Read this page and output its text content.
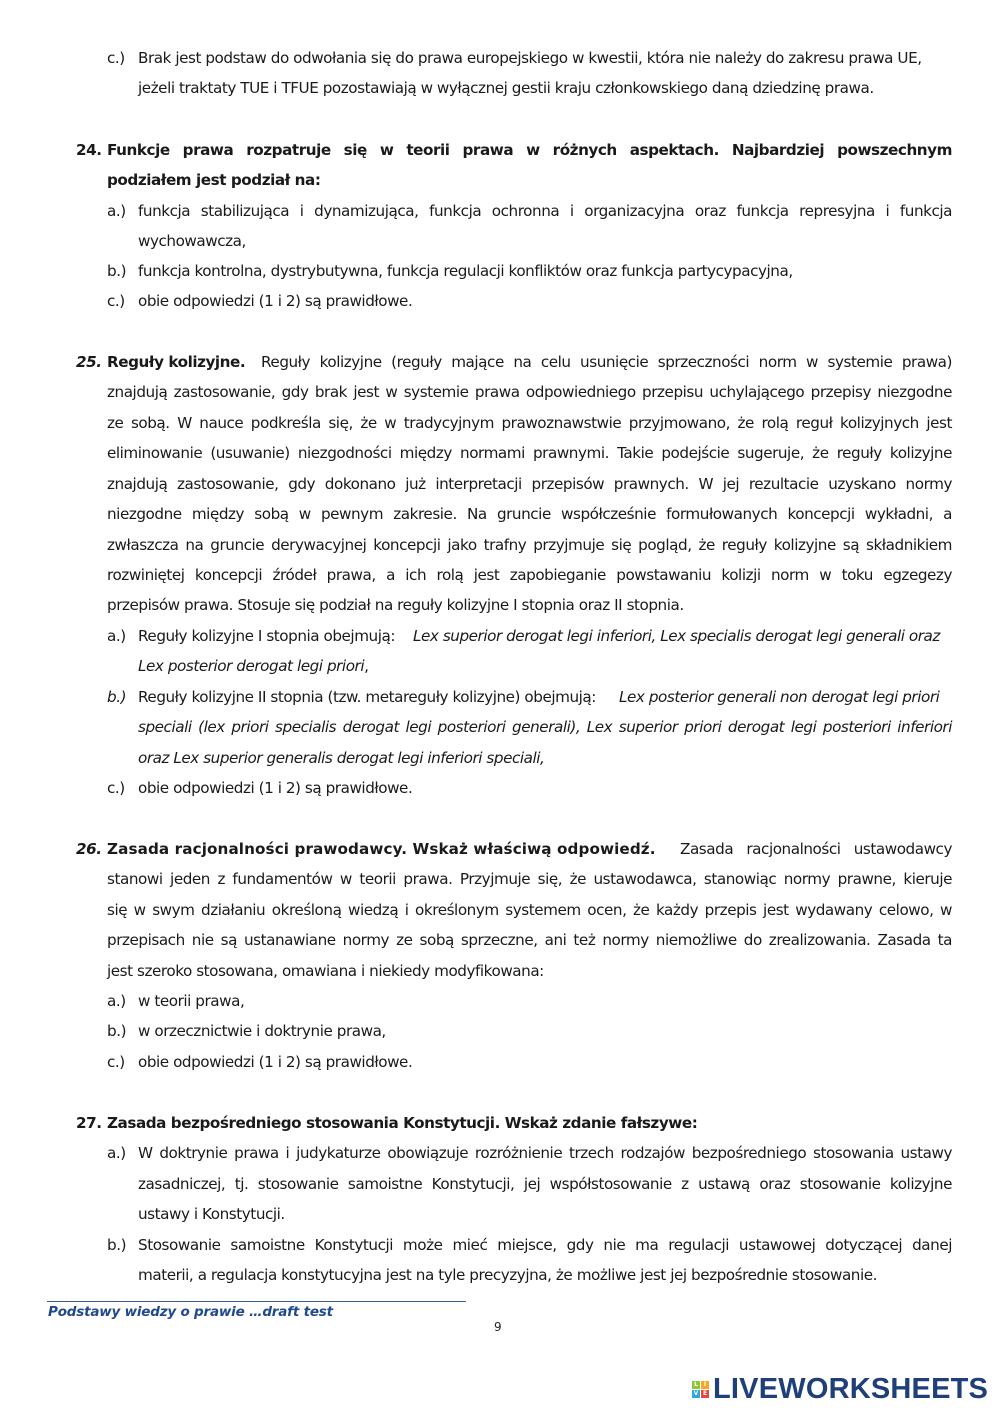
c.) Brak jest podstaw do odwołania się do prawa europejskiego w kwestii, która nie należy do zakresu prawa UE,
jeżeli traktaty TUE i TFUE pozostawiają w wyłącznej gestii kraju członkowskiego daną dziedzinę prawa.
24. Funkcje prawa rozpatruje się w teorii prawa w różnych aspektach. Najbardziej powszechnym
podziałem jest podział na:
a.) funkcja stabilizująca i dynamizująca, funkcja ochronna i organizacyjna oraz funkcja represyjna i funkcja
wychowawcza,
b.) funkcja kontrolna, dystrybutywna, funkcja regulacji konfliktów oraz funkcja partycypacyjna,
c.) obie odpowiedzi (1 i 2) są prawidłowe.
25. Reguły kolizyjne. Reguły kolizyjne (reguły mające na celu usunięcie sprzeczności norm w systemie prawa)
znajdują zastosowanie, gdy brak jest w systemie prawa odpowiedniego przepisu uchylającego przepisy niezgodne
ze sobą. W nauce podkreśla się, że w tradycyjnym prawoznawstwie przyjmowano, że rolą reguł kolizyjnych jest
eliminowanie (usuwanie) niezgodności między normami prawnymi. Takie podejście sugeruje, że reguły kolizyjne
znajdują zastosowanie, gdy dokonano już interpretacji przepisów prawnych. W jej rezultacie uzyskano normy
niezgodne między sobą w pewnym zakresie. Na gruncie współcześnie formułowanych koncepcji wykładni, a
zwłaszcza na gruncie derywacyjnej koncepcji jako trafny przyjmuje się pogląd, że reguły kolizyjne są składnikiem
rozwiniętej koncepcji źródeł prawa, a ich rolą jest zapobieganie powstawaniu kolizji norm w toku egzegezy
przepisów prawa. Stosuje się podział na reguły kolizyjne I stopnia oraz II stopnia.
a.) Reguły kolizyjne I stopnia obejmują: Lex superior derogat legi inferiori, Lex specialis derogat legi generali oraz
Lex posterior derogat legi priori,
b.) Reguły kolizyjne II stopnia (tzw. metareguły kolizyjne) obejmują: Lex posterior generali non derogat legi priori
speciali (lex priori specialis derogat legi posteriori generali), Lex superior priori derogat legi posteriori inferiori
oraz Lex superior generalis derogat legi inferiori speciali,
c.) obie odpowiedzi (1 i 2) są prawidłowe.
26. Zasada racjonalności prawodawcy. Wskaż właściwą odpowiedź. Zasada racjonalności ustawodawcy
stanowi jeden z fundamentów w teorii prawa. Przyjmuje się, że ustawodawca, stanowiąc normy prawne, kieruje
się w swym działaniu określoną wiedzą i określonym systemem ocen, że każdy przepis jest wydawany celowo, w
przepisach nie są ustanawiane normy ze sobą sprzeczne, ani też normy niemożliwe do zrealizowania. Zasada ta
jest szeroko stosowana, omawiana i niekiedy modyfikowana:
a.) w teorii prawa,
b.) w orzecznictwie i doktrynie prawa,
c.) obie odpowiedzi (1 i 2) są prawidłowe.
27. Zasada bezpośredniego stosowania Konstytucji. Wskaż zdanie fałszywe:
a.) W doktrynie prawa i judykaturze obowiązuje rozróżnienie trzech rodzajów bezpośredniego stosowania ustawy
zasadniczej, tj. stosowanie samoistne Konstytucji, jej współstosowanie z ustawą oraz stosowanie kolizyjne
ustawy i Konstytucji.
b.) Stosowanie samoistne Konstytucji może mieć miejsce, gdy nie ma regulacji ustawowej dotyczącej danej
materii, a regulacja konstytucyjna jest na tyle precyzyjna, że możliwe jest jej bezpośrednie stosowanie.
Podstawy wiedzy o prawie …draft test
9
L I
V E LIVEWORKSHEETS
